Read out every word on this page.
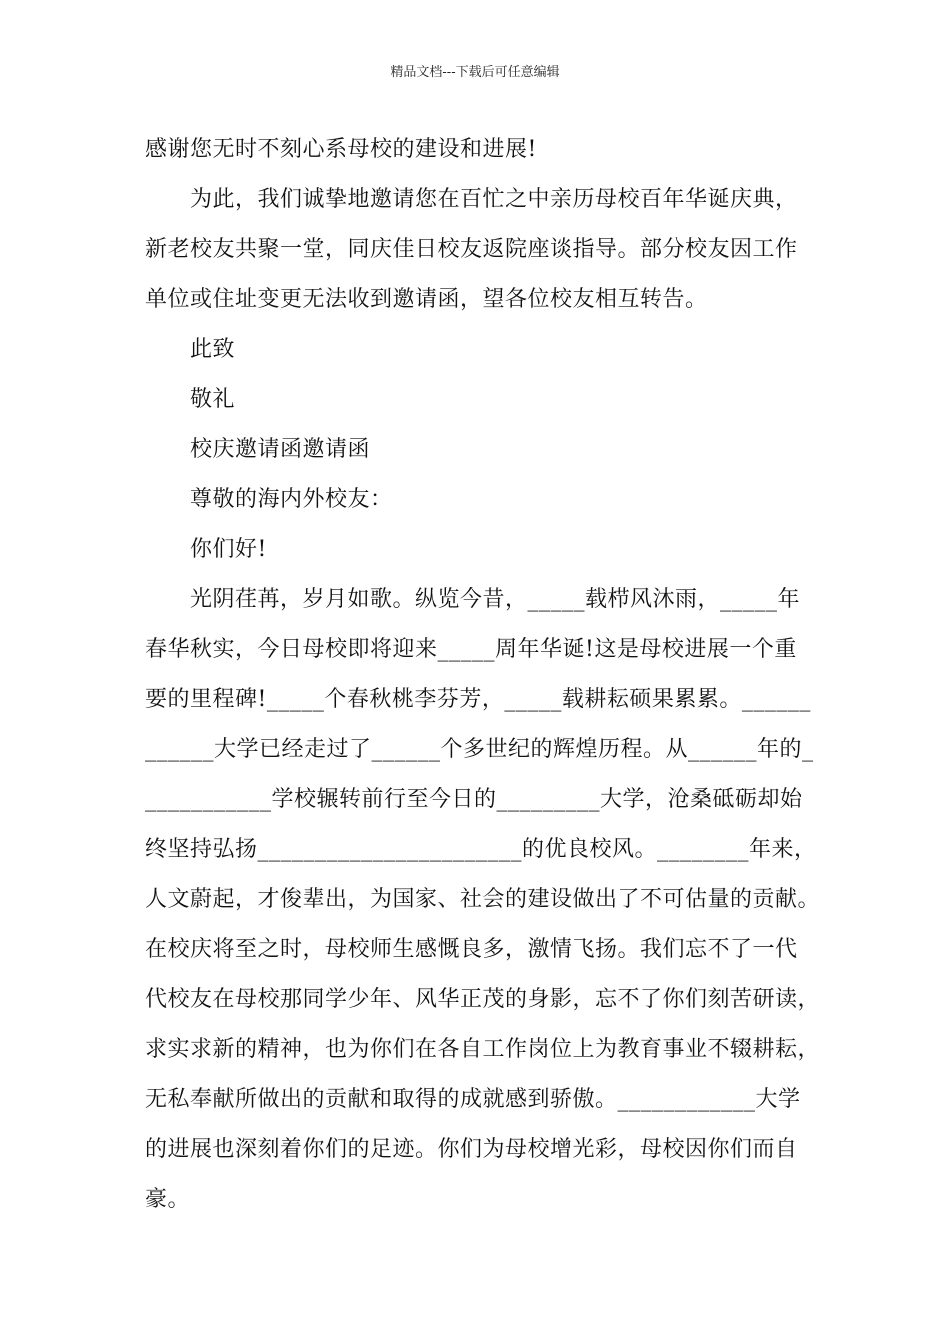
精品文档---下载后可任意编辑
感谢您无时不刻心系母校的建设和进展!
为此，我们诚挚地邀请您在百忙之中亲历母校百年华诞庆典，
新老校友共聚一堂，同庆佳日校友返院座谈指导。部分校友因工作
单位或住址变更无法收到邀请函，望各位校友相互转告。
此致
敬礼
校庆邀请函邀请函
尊敬的海内外校友：
你们好!
光阴荏苒，岁月如歌。纵览今昔，_____载栉风沐雨，_____年
春华秋实，今日母校即将迎来_____周年华诞!这是母校进展一个重
要的里程碑!_____个春秋桃李芬芳，_____载耕耘硕果累累。______
______大学已经走过了______个多世纪的辉煌历程。从______年的_
___________学校辗转前行至今日的_________大学，沧桑砥砺却始
终坚持弘扬_______________________的优良校风。________年来，
人文蔚起，才俊辈出，为国家、社会的建设做出了不可估量的贡献。
在校庆将至之时，母校师生感慨良多，激情飞扬。我们忘不了一代
代校友在母校那同学少年、风华正茂的身影，忘不了你们刻苦研读，
求实求新的精神，也为你们在各自工作岗位上为教育事业不辍耕耘，
无私奉献所做出的贡献和取得的成就感到骄傲。____________大学
的进展也深刻着你们的足迹。你们为母校增光彩，母校因你们而自
豪。
